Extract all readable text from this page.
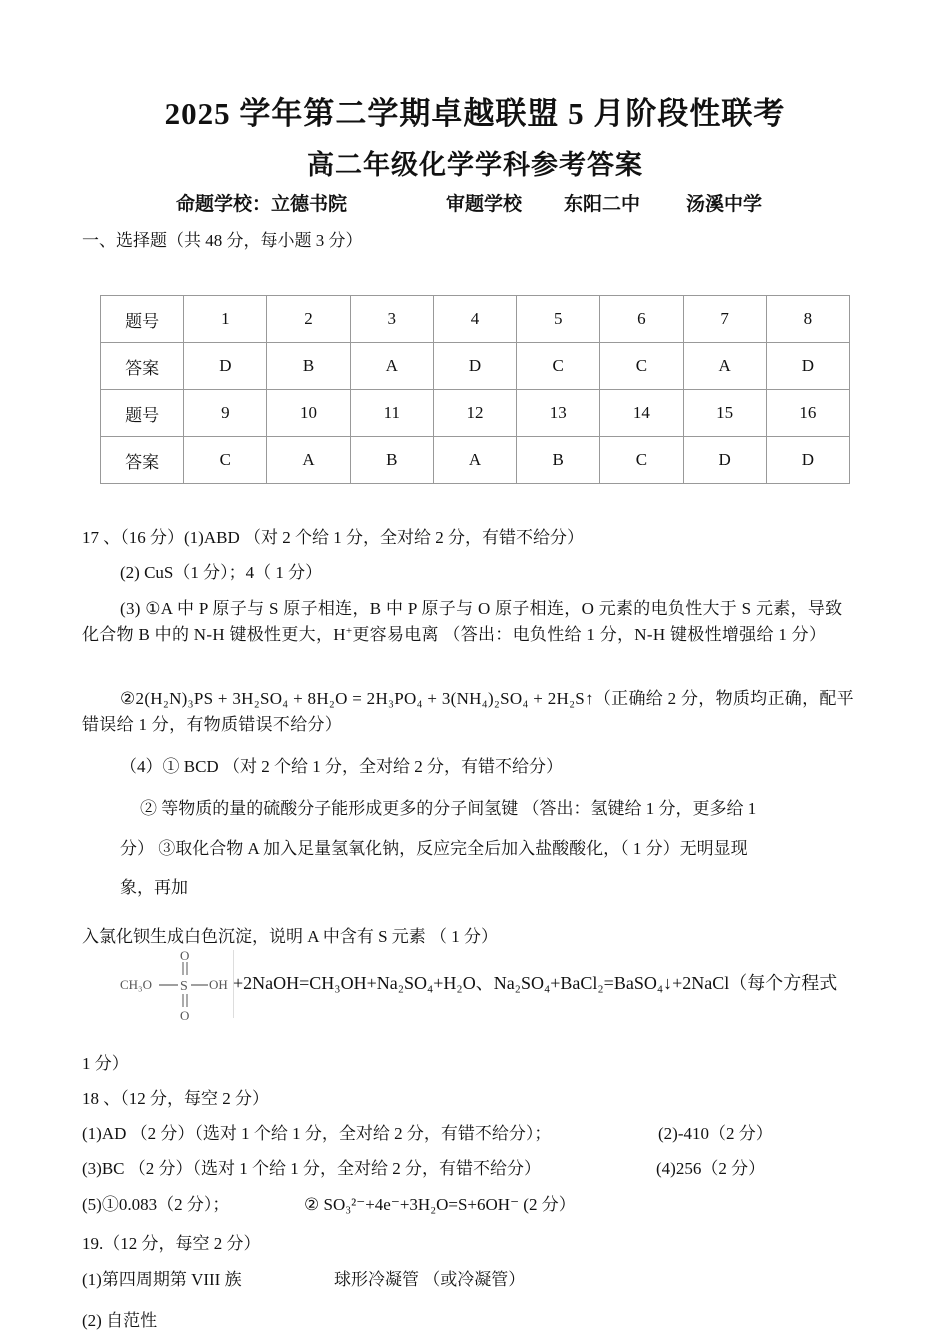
2025 学年第二学期卓越联盟 5 月阶段性联考
高二年级化学学科参考答案
命题学校：立德书院	审题学校 东阳二中 汤溪中学
一、选择题（共 48 分，每小题 3 分）
题号	1	2	3	4	5	6	7	8
答案	D	B	A	D	C	C	A	D
题号	9	10	11	12	13	14	15	16
答案	C	A	B	A	B	C	D	D
17 、（16 分）(1)ABD （对 2 个给 1 分，全对给 2 分，有错不给分）
(2) CuS（1 分）；4（ 1 分）
(3) ①A 中 P 原子与 S 原子相连，B 中 P 原子与 O 原子相连，O 元素的电负性大于 S 元素，导致化合物 B 中的 N-H 键极性更大，H+更容易电离 （答出：电负性给 1 分，N-H 键极性增强给 1 分）
②2(H₂N)₃PS + 3H₂SO₄ + 8H₂O = 2H₃PO₄ + 3(NH₄)₂SO₄ + 2H₂S↑（正确给 2 分，物质均正确，配平错误给 1 分，有物质错误不给分）
（4）① BCD （对 2 个给 1 分，全对给 2 分，有错不给分）
② 等物质的量的硫酸分子能形成更多的分子间氢键 （答出：氢键给 1 分，更多给 1
分） ③取化合物 A 加入足量氢氧化钠，反应完全后加入盐酸酸化，（ 1 分）无明显现
象，再加
入氯化钡生成白色沉淀，说明 A 中含有 S 元素 （ 1 分）
CH₃O S OH
O
O
+2NaOH=CH₃OH+Na₂SO₄+H₂O、Na₂SO₄+BaCl₂=BaSO₄↓+2NaCl（每个方程式
1 分）
18 、（12 分，每空 2 分）
(1)AD （2 分）（选对 1 个给 1 分，全对给 2 分，有错不给分）；	(2)-410（2 分）
(3)BC （2 分）（选对 1 个给 1 分，全对给 2 分，有错不给分）	(4)256（2 分）
(5)①0.083（2 分）；	② SO₃²⁻+4e⁻+3H₂O=S+6OH⁻ (2 分）
19.（12 分，每空 2 分）
(1)第四周期第 VIII 族	球形冷凝管 （或冷凝管）
(2) 自范性
